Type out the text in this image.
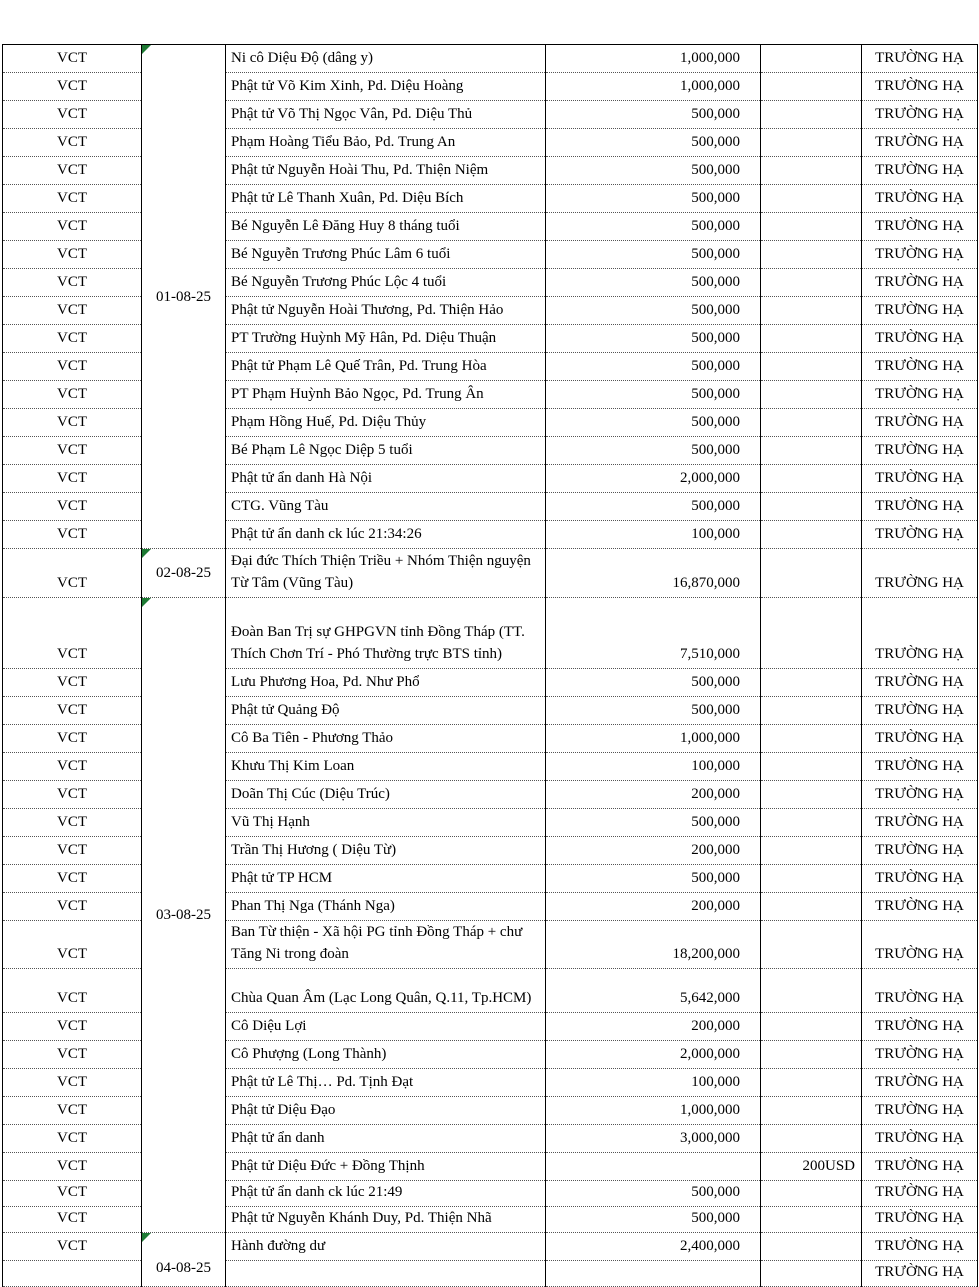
VCT	01-08-25	Ni cô Diệu Độ (dâng y)	1,000,000		TRƯỜNG HẠ
VCT		Phật tử Võ Kim Xinh, Pd. Diệu Hoàng	1,000,000		TRƯỜNG HẠ
VCT		Phật tử Võ Thị Ngọc Vân, Pd. Diệu Thủ	500,000		TRƯỜNG HẠ
VCT		Phạm Hoàng Tiểu Bảo, Pd. Trung An	500,000		TRƯỜNG HẠ
VCT		Phật tử Nguyễn Hoài Thu, Pd. Thiện Niệm	500,000		TRƯỜNG HẠ
VCT		Phật tử Lê Thanh Xuân, Pd. Diệu Bích	500,000		TRƯỜNG HẠ
VCT		Bé Nguyễn Lê Đăng Huy 8 tháng tuổi	500,000		TRƯỜNG HẠ
VCT		Bé Nguyễn Trương Phúc Lâm 6 tuổi	500,000		TRƯỜNG HẠ
VCT		Bé Nguyễn Trương Phúc Lộc 4 tuổi	500,000		TRƯỜNG HẠ
VCT		Phật tử Nguyễn Hoài Thương, Pd. Thiện Hảo	500,000		TRƯỜNG HẠ
VCT		PT Trường Huỳnh Mỹ Hân, Pd. Diệu Thuận	500,000		TRƯỜNG HẠ
VCT		Phật tử Phạm Lê Quế Trân, Pd. Trung Hòa	500,000		TRƯỜNG HẠ
VCT		PT Phạm Huỳnh Bảo Ngọc, Pd. Trung Ân	500,000		TRƯỜNG HẠ
VCT		Phạm Hồng Huế, Pd. Diệu Thủy	500,000		TRƯỜNG HẠ
VCT		Bé Phạm Lê Ngọc Diệp 5 tuổi	500,000		TRƯỜNG HẠ
VCT		Phật tử ẩn danh Hà Nội	2,000,000		TRƯỜNG HẠ
VCT		CTG. Vũng Tàu	500,000		TRƯỜNG HẠ
VCT		Phật tử ẩn danh ck lúc 21:34:26	100,000		TRƯỜNG HẠ
VCT	02-08-25	Đại đức Thích Thiện Triều + Nhóm Thiện nguyện Từ Tâm (Vũng Tàu)	16,870,000		TRƯỜNG HẠ
VCT	03-08-25	Đoàn Ban Trị sự GHPGVN tỉnh Đồng Tháp (TT. Thích Chơn Trí - Phó Thường trực BTS tỉnh)	7,510,000		TRƯỜNG HẠ
VCT		Lưu Phương Hoa, Pd. Như Phổ	500,000		TRƯỜNG HẠ
VCT		Phật tử Quảng Độ	500,000		TRƯỜNG HẠ
VCT		Cô Ba Tiên - Phương Thảo	1,000,000		TRƯỜNG HẠ
VCT		Khưu Thị Kim Loan	100,000		TRƯỜNG HẠ
VCT		Doãn Thị Cúc (Diệu Trúc)	200,000		TRƯỜNG HẠ
VCT		Vũ Thị Hạnh	500,000		TRƯỜNG HẠ
VCT		Trần Thị Hương ( Diệu Từ)	200,000		TRƯỜNG HẠ
VCT		Phật tử TP HCM	500,000		TRƯỜNG HẠ
VCT		Phan Thị Nga (Thánh Nga)	200,000		TRƯỜNG HẠ
VCT		Ban Từ thiện - Xã hội PG tỉnh Đồng Tháp + chư Tăng Ni trong đoàn	18,200,000		TRƯỜNG HẠ
VCT		Chùa Quan Âm (Lạc Long Quân, Q.11, Tp.HCM)	5,642,000		TRƯỜNG HẠ
VCT		Cô Diệu Lợi	200,000		TRƯỜNG HẠ
VCT		Cô Phượng (Long Thành)	2,000,000		TRƯỜNG HẠ
VCT		Phật tử Lê Thị… Pd. Tịnh Đạt	100,000		TRƯỜNG HẠ
VCT		Phật tử Diệu Đạo	1,000,000		TRƯỜNG HẠ
VCT		Phật tử ẩn danh	3,000,000		TRƯỜNG HẠ
VCT		Phật tử Diệu Đức + Đồng Thịnh		200USD	TRƯỜNG HẠ
VCT		Phật tử ẩn danh ck lúc 21:49	500,000		TRƯỜNG HẠ
VCT		Phật tử Nguyễn Khánh Duy, Pd. Thiện Nhã	500,000		TRƯỜNG HẠ
VCT	04-08-25	Hành đường dư	2,400,000		TRƯỜNG HẠ
					TRƯỜNG HẠ
